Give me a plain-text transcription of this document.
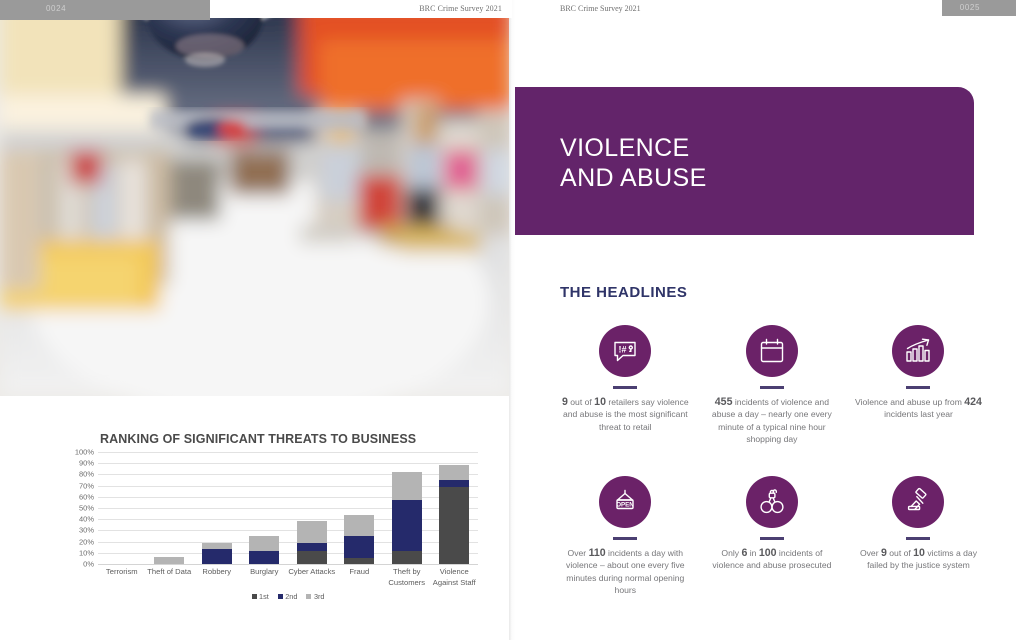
0024	BRC Crime Survey 2021
RANKING OF SIGNIFICANT THREATS TO BUSINESS
100%
90%
80%
70%
60%
50%
40%
30%
20%
10%
0%
Terrorism	Theft of Data	Robbery	Burglary	Cyber Attacks	Fraud	Theft by Customers
Violence Against Staff
1st 2nd 3rd
BRC Crime Survey 2021	0025
VIOLENCE
AND ABUSE
THE HEADLINES
!#
9 out of 10 retailers say violence and abuse is the most significant threat to retail
455 incidents of violence and abuse a day – nearly one every minute of a typical nine hour shopping day
Violence and abuse up from 424 incidents last year
OPEN
Over 110 incidents a day with violence – about one every five minutes during normal opening hours
Only 6 in 100 incidents of violence and abuse prosecuted
Over 9 out of 10 victims a day failed by the justice system
